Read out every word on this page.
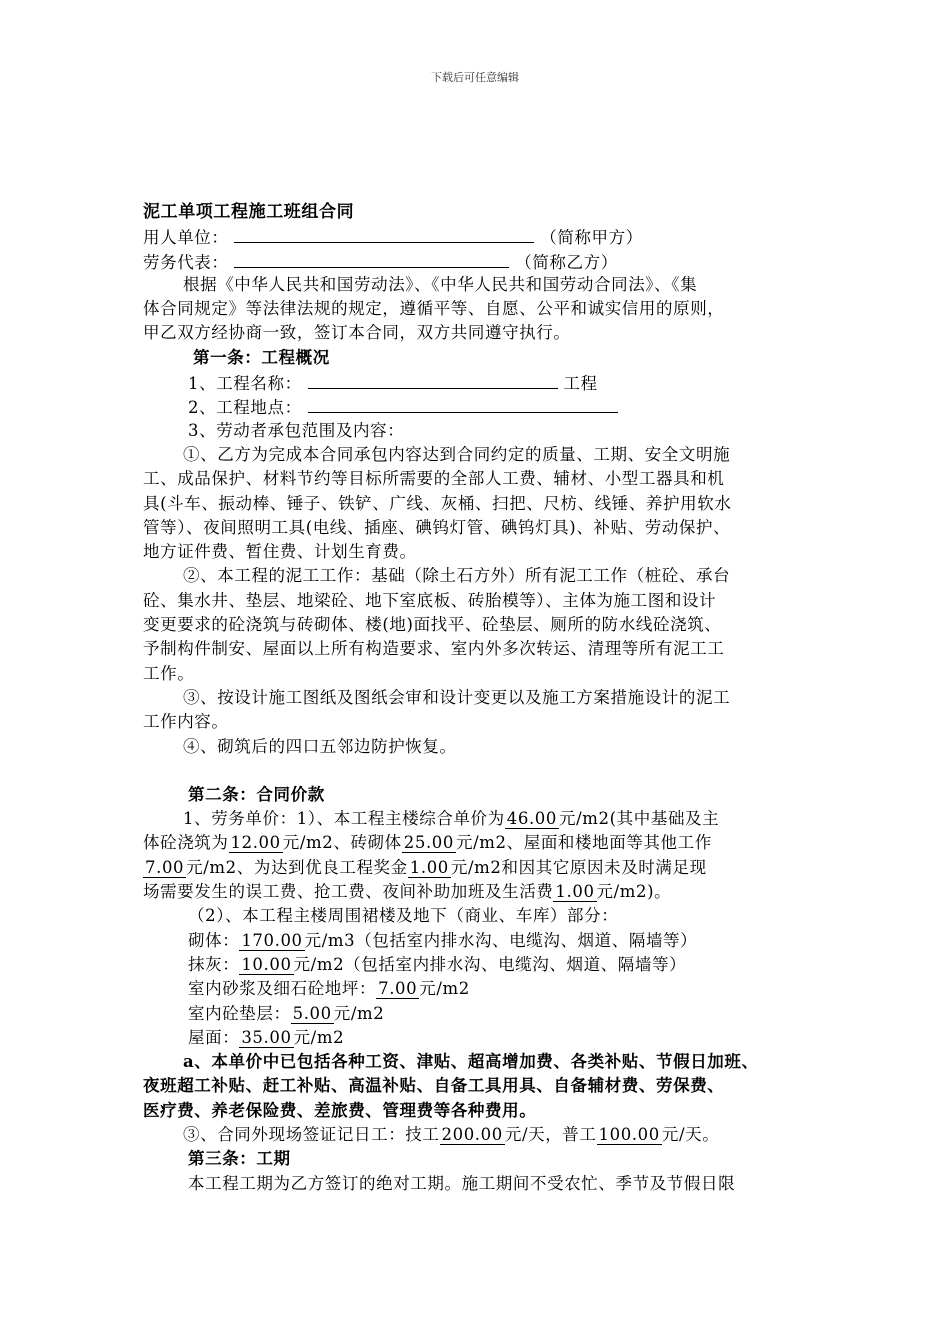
下载后可任意编辑
泥工单项工程施工班组合同
用人单位：	（简称甲方）
劳务代表：	（简称乙方）
根据《中华人民共和国劳动法》、《中华人民共和国劳动合同法》、《集
体合同规定》等法律法规的规定，遵循平等、自愿、公平和诚实信用的原则，
甲乙双方经协商一致，签订本合同，双方共同遵守执行。
第一条：工程概况
1、工程名称：	工程
2、工程地点：
3、劳动者承包范围及内容：
①、乙方为完成本合同承包内容达到合同约定的质量、工期、安全文明施
工、成品保护、材料节约等目标所需要的全部人工费、辅材、小型工器具和机
具(斗车、振动棒、锤子、铁铲、广线、灰桶、扫把、尺枋、线锤、养护用软水
管等）、夜间照明工具(电线、插座、碘钨灯管、碘钨灯具)、补贴、劳动保护、
地方证件费、暂住费、计划生育费。
②、本工程的泥工工作：基础（除土石方外）所有泥工工作（桩砼、承台
砼、集水井、垫层、地梁砼、地下室底板、砖胎模等）、主体为施工图和设计
变更要求的砼浇筑与砖砌体、楼(地)面找平、砼垫层、厕所的防水线砼浇筑、
予制构件制安、屋面以上所有构造要求、室内外多次转运、清理等所有泥工工
工作。
③、按设计施工图纸及图纸会审和设计变更以及施工方案措施设计的泥工
工作内容。
④、砌筑后的四口五邻边防护恢复。
第二条：合同价款
1、劳务单价：1）、本工程主楼综合单价为 46.00 元/m2(其中基础及主
体砼浇筑为 12.00 元/m2、砖砌体 25.00 元/m2、屋面和楼地面等其他工作
7.00 元/m2、为达到优良工程奖金 1.00 元/m2和因其它原因未及时满足现
场需要发生的误工费、抢工费、夜间补助加班及生活费 1.00 元/m2)。
（2）、本工程主楼周围裙楼及地下（商业、车库）部分：
砌体： 170.00 元/m3（包括室内排水沟、电缆沟、烟道、隔墙等）
抹灰： 10.00 元/m2（包括室内排水沟、电缆沟、烟道、隔墙等）
室内砂浆及细石砼地坪： 7.00 元/m2
室内砼垫层： 5.00 元/m2
屋面： 35.00 元/m2
a、本单价中已包括各种工资、津贴、超高增加费、各类补贴、节假日加班、
夜班超工补贴、赶工补贴、高温补贴、自备工具用具、自备辅材费、劳保费、
医疗费、养老保险费、差旅费、管理费等各种费用。
③、合同外现场签证记日工：技工 200.00 元/天，普工 100.00 元/天。
第三条：工期
本工程工期为乙方签订的绝对工期。施工期间不受农忙、季节及节假日限
